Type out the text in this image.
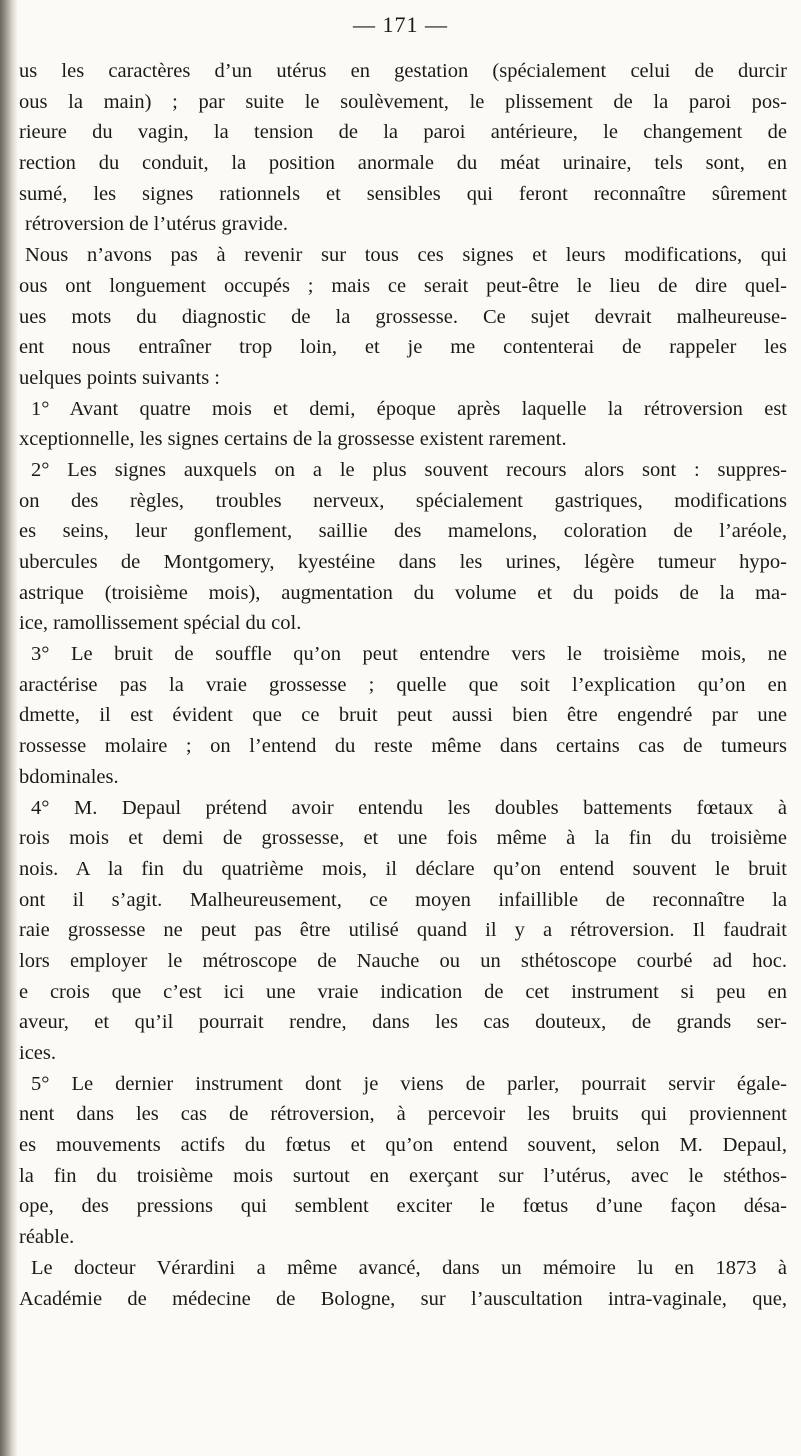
— 171 —
us les caractères d’un utérus en gestation (spécialement celui de durcir
ous la main) ; par suite le soulèvement, le plissement de la paroi pos-
rieure du vagin, la tension de la paroi antérieure, le changement de
rection du conduit, la position anormale du méat urinaire, tels sont, en
sumé, les signes rationnels et sensibles qui feront reconnaître sûrement
rétroversion de l’utérus gravide.
Nous n’avons pas à revenir sur tous ces signes et leurs modifications, qui
ous ont longuement occupés ; mais ce serait peut-être le lieu de dire quel-
ues mots du diagnostic de la grossesse. Ce sujet devrait malheureuse-
ent nous entraîner trop loin, et je me contenterai de rappeler les
uelques points suivants :
1° Avant quatre mois et demi, époque après laquelle la rétroversion est
xceptionnelle, les signes certains de la grossesse existent rarement.
2° Les signes auxquels on a le plus souvent recours alors sont : suppres-
on des règles, troubles nerveux, spécialement gastriques, modifications
es seins, leur gonflement, saillie des mamelons, coloration de l’aréole,
ubercules de Montgomery, kyestéine dans les urines, légère tumeur hypo-
astrique (troisième mois), augmentation du volume et du poids de la ma-
ice, ramollissement spécial du col.
3° Le bruit de souffle qu’on peut entendre vers le troisième mois, ne
aractérise pas la vraie grossesse ; quelle que soit l’explication qu’on en
dmette, il est évident que ce bruit peut aussi bien être engendré par une
rossesse molaire ; on l’entend du reste même dans certains cas de tumeurs
bdominales.
4° M. Depaul prétend avoir entendu les doubles battements fœtaux à
rois mois et demi de grossesse, et une fois même à la fin du troisième
nois. A la fin du quatrième mois, il déclare qu’on entend souvent le bruit
ont il s’agit. Malheureusement, ce moyen infaillible de reconnaître la
raie grossesse ne peut pas être utilisé quand il y a rétroversion. Il faudrait
lors employer le métroscope de Nauche ou un sthétoscope courbé ad hoc.
e crois que c’est ici une vraie indication de cet instrument si peu en
aveur, et qu’il pourrait rendre, dans les cas douteux, de grands ser-
ices.
5° Le dernier instrument dont je viens de parler, pourrait servir égale-
nent dans les cas de rétroversion, à percevoir les bruits qui proviennent
es mouvements actifs du fœtus et qu’on entend souvent, selon M. Depaul,
la fin du troisième mois surtout en exerçant sur l’utérus, avec le stéthos-
ope, des pressions qui semblent exciter le fœtus d’une façon désa-
réable.
Le docteur Vérardini a même avancé, dans un mémoire lu en 1873 à
Académie de médecine de Bologne, sur l’auscultation intra-vaginale, que,
